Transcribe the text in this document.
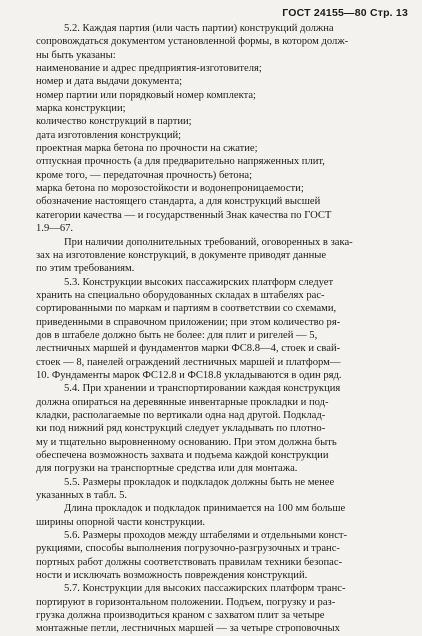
ГОСТ 24155—80 Стр. 13

5.2. Каждая партия (или часть партии) конструкций должна

сопровождаться документом установленной формы, в котором долж-

ны быть указаны:

наименование и адрес предприятия-изготовителя;

номер и дата выдачи документа;

номер партии или порядковый номер комплекта;

марка конструкции;

количество конструкций в партии;

дата изготовления конструкций;

проектная марка бетона по прочности на сжатие;

отпускная прочность (а для предварительно напряженных плит,

кроме того, — передаточная прочность) бетона;

марка бетона по морозостойкости и водонепроницаемости;

обозначение настоящего стандарта, а для конструкций высшей

категории качества — и государственный Знак качества по ГОСТ

1.9—67.

При наличии дополнительных требований, оговоренных в зака-

зах на изготовление конструкций, в документе приводят данные

по этим требованиям.

5.3. Конструкции высоких пассажирских платформ следует

хранить на специально оборудованных складах в штабелях рас-

сортированными по маркам и партиям в соответствии со схемами,

приведенными в справочном приложении; при этом количество ря-

дов в штабеле должно быть не более: для плит и ригелей — 5,

лестничных маршей и фундаментов марки ФС8.8—4, стоек и свай-

стоек — 8, панелей ограждений лестничных маршей и платформ—

10. Фундаменты марок ФС12.8 и ФС18.8 укладываются в один ряд.

5.4. При хранении и транспортировании каждая конструкция

должна опираться на деревянные инвентарные прокладки и под-

кладки, располагаемые по вертикали одна над другой. Подклад-

ки под нижний ряд конструкций следует укладывать по плотно-

му и тщательно выровненному основанию. При этом должна быть

обеспечена возможность захвата и подъема каждой конструкции

для погрузки на транспортные средства или для монтажа.

5.5. Размеры прокладок и подкладок должны быть не менее

указанных в табл. 5.

Длина прокладок и подкладок принимается на 100 мм больше

ширины опорной части конструкции.

5.6. Размеры проходов между штабелями и отдельными конст-

рукциями, способы выполнения погрузочно-разгрузочных и транс-

портных работ должны соответствовать правилам техники безопас-

ности и исключать возможность повреждения конструкций.

5.7. Конструкции для высоких пассажирских платформ транс-

портируют в горизонтальном положении. Подъем, погрузку и раз-

грузка должна производиться краном с захватом плит за четыре

монтажные петли, лестничных маршей — за четыре строповочных
